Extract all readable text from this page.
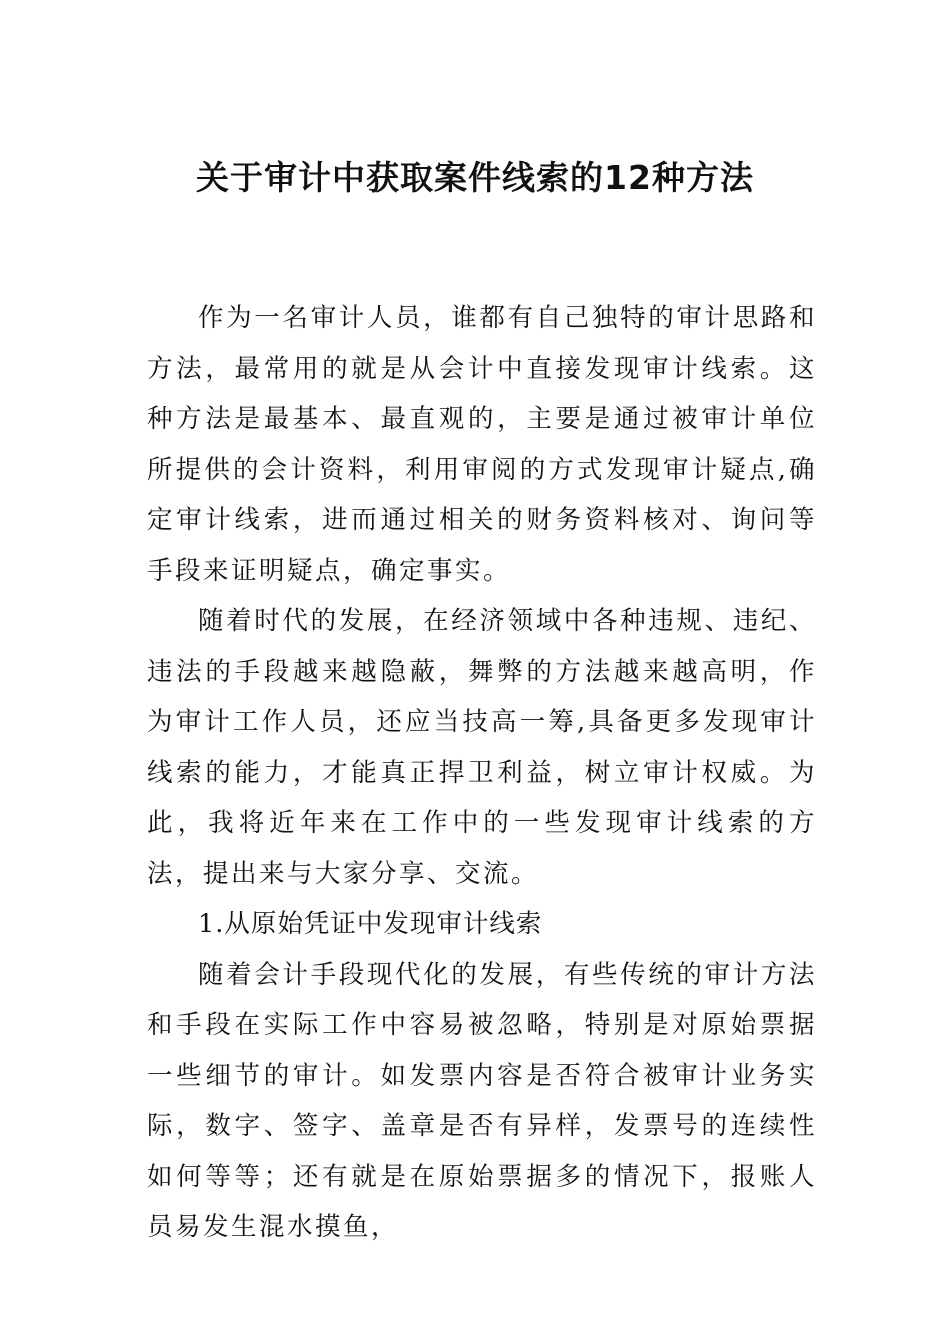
关于审计中获取案件线索的12种方法

作为一名审计人员，谁都有自己独特的审计思路和方法，最常用的就是从会计中直接发现审计线索。这种方法是最基本、最直观的，主要是通过被审计单位所提供的会计资料，利用审阅的方式发现审计疑点,确定审计线索，进而通过相关的财务资料核对、询问等手段来证明疑点，确定事实。

随着时代的发展，在经济领域中各种违规、违纪、违法的手段越来越隐蔽，舞弊的方法越来越高明，作为审计工作人员，还应当技高一筹,具备更多发现审计线索的能力，才能真正捍卫利益，树立审计权威。为此，我将近年来在工作中的一些发现审计线索的方法，提出来与大家分享、交流。

1.从原始凭证中发现审计线索

随着会计手段现代化的发展，有些传统的审计方法和手段在实际工作中容易被忽略，特别是对原始票据一些细节的审计。如发票内容是否符合被审计业务实际，数字、签字、盖章是否有异样，发票号的连续性如何等等；还有就是在原始票据多的情况下，报账人员易发生混水摸鱼，
